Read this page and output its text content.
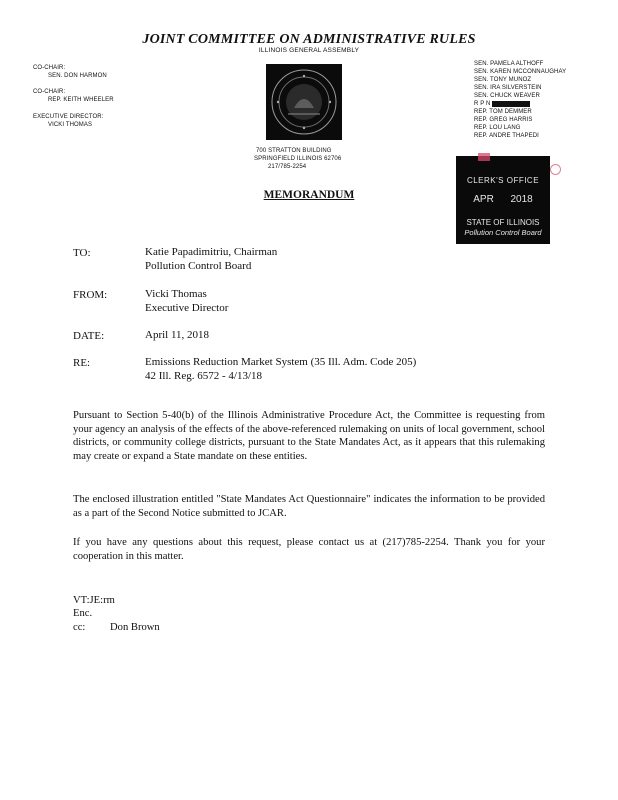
JOINT COMMITTEE ON ADMINISTRATIVE RULES
ILLINOIS GENERAL ASSEMBLY
CO-CHAIR:
SEN. DON HARMON
CO-CHAIR:
REP. KEITH WHEELER
EXECUTIVE DIRECTOR:
VICKI THOMAS
SEN. PAMELA ALTHOFF
SEN. KAREN MCCONNAUGHAY
SEN. TONY MUNOZ
SEN. IRA SILVERSTEIN
SEN. CHUCK WEAVER
R P N
REP. TOM DEMMER
REP. GREG HARRIS
REP. LOU LANG
REP. ANDRE THAPEDI
700 STRATTON BUILDING
SPRINGFIELD ILLINOIS 62706
217/785-2254
CLERK'S OFFICE
APR 2018
STATE OF ILLINOIS
Pollution Control Board
MEMORANDUM
TO:	Katie Papadimitriu, Chairman
Pollution Control Board
FROM:	Vicki Thomas
Executive Director
DATE:	April 11, 2018
RE:	Emissions Reduction Market System (35 Ill. Adm. Code 205)
42 Ill. Reg. 6572 - 4/13/18
Pursuant to Section 5-40(b) of the Illinois Administrative Procedure Act, the Committee is requesting from your agency an analysis of the effects of the above-referenced rulemaking on units of local government, school districts, or community college districts, pursuant to the State Mandates Act, as it appears that this rulemaking may create or expand a State mandate on these entities.
The enclosed illustration entitled "State Mandates Act Questionnaire" indicates the information to be provided as a part of the Second Notice submitted to JCAR.
If you have any questions about this request, please contact us at (217)785-2254. Thank you for your cooperation in this matter.
VT:JE:rm
Enc.
cc: Don Brown
